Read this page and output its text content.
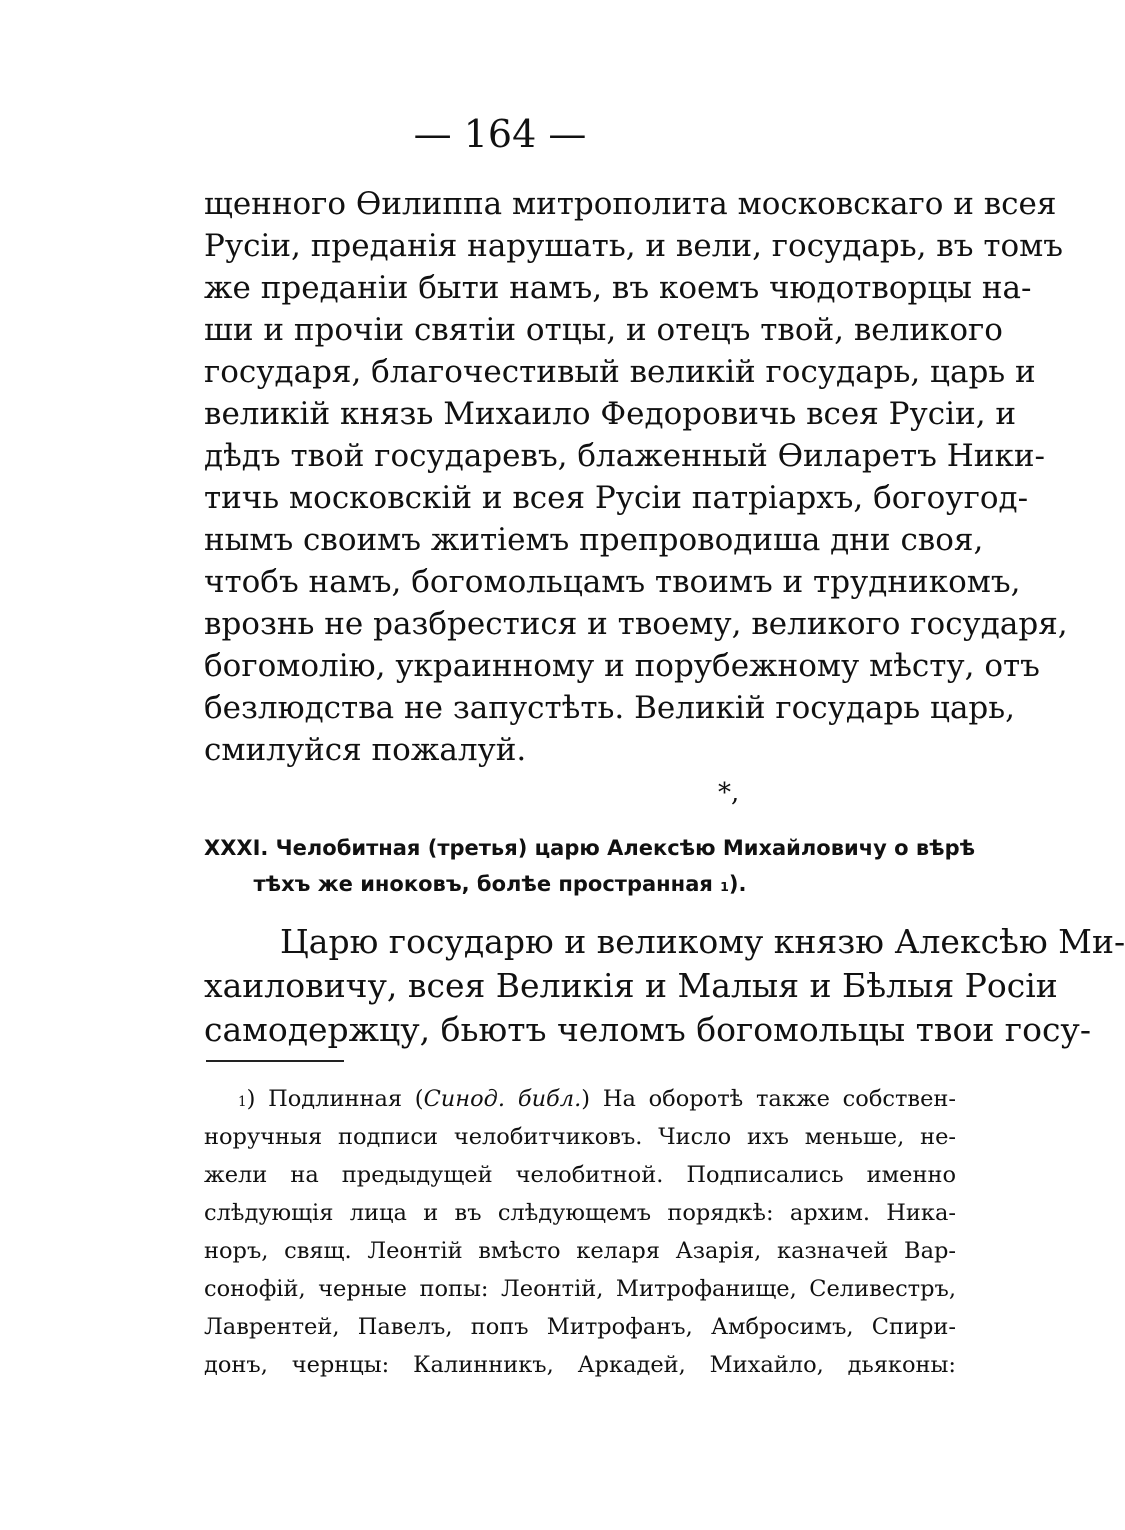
— 164 —
щенного Ѳилиппа митрополита московскаго и всея
Русіи, преданія нарушать, и вели, государь, въ томъ
же преданіи быти намъ, въ коемъ чюдотворцы на-
ши и прочіи святіи отцы, и отецъ твой, великого
государя, благочестивый великій государь, царь и
великій князь Михаило Федоровичь всея Русіи, и
дѣдъ твой государевъ, блаженный Ѳиларетъ Ники-
тичь московскій и всея Русіи патріархъ, богоугод-
нымъ своимъ житіемъ препроводиша дни своя,
чтобъ намъ, богомольцамъ твоимъ и трудникомъ,
врознь не разбрестися и твоему, великого государя,
богомолію, украинному и порубежному мѣсту, отъ
безлюдства не запустѣть. Великій государь царь,
смилуйся пожалуй.
*,
XXXI. Челобитная (третья) царю Алексѣю Михайловичу о вѣрѣ
тѣхъ же иноковъ, болѣе пространная $^1$).
Царю государю и великому князю Алексѣю Ми-
хаиловичу, всея Великія и Малыя и Бѣлыя Росіи
самодержцу, бьютъ челомъ богомольцы твои госу-
$^1$) Подлинная (Синод. библ.) На оборотѣ также собствен-
норучныя подписи челобитчиковъ. Число ихъ меньше, не-
жели на предыдущей челобитной. Подписались именно
слѣдующія лица и въ слѣдующемъ порядкѣ: архим. Ника-
норъ, свящ. Леонтій вмѣсто келаря Азарія, казначей Вар-
сонофій, черные попы: Леонтій, Митрофанище, Селивестръ,
Лаврентей, Павелъ, попъ Митрофанъ, Амбросимъ, Спири-
донъ, чернцы: Калинникъ, Аркадей, Михайло, дьяконы:
